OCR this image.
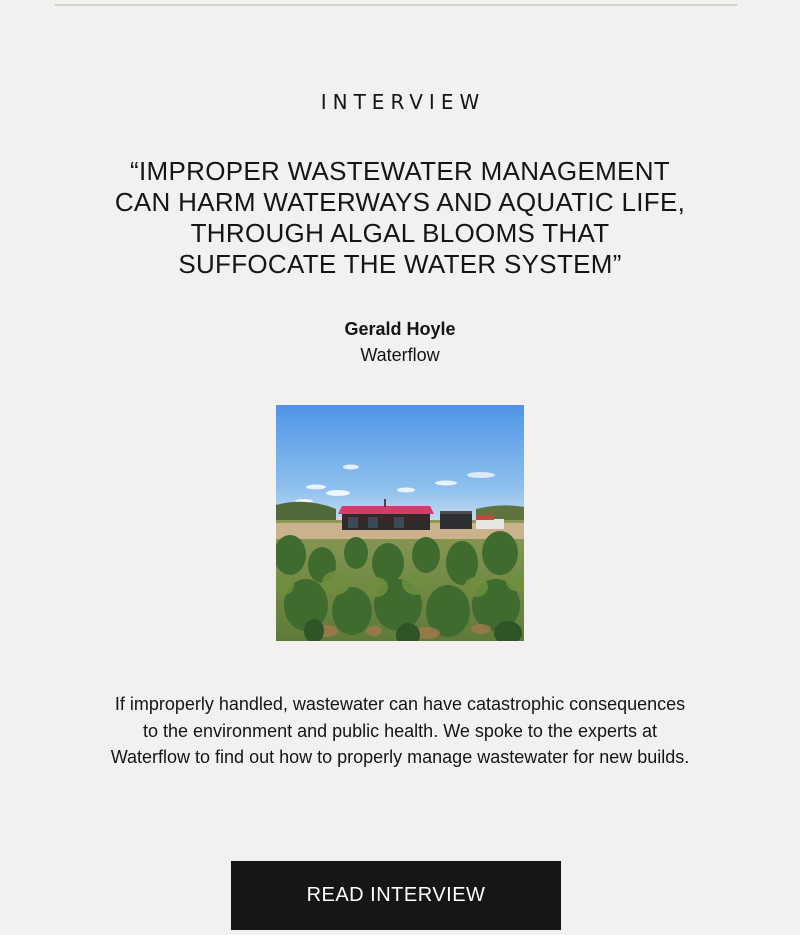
INTERVIEW
“IMPROPER WASTEWATER MANAGEMENT
CAN HARM WATERWAYS AND AQUATIC LIFE,
THROUGH ALGAL BLOOMS THAT
SUFFOCATE THE WATER SYSTEM”
Gerald Hoyle
Waterflow
If improperly handled, wastewater can have catastrophic consequences
to the environment and public health. We spoke to the experts at
Waterflow to find out how to properly manage wastewater for new builds.
READ INTERVIEW
